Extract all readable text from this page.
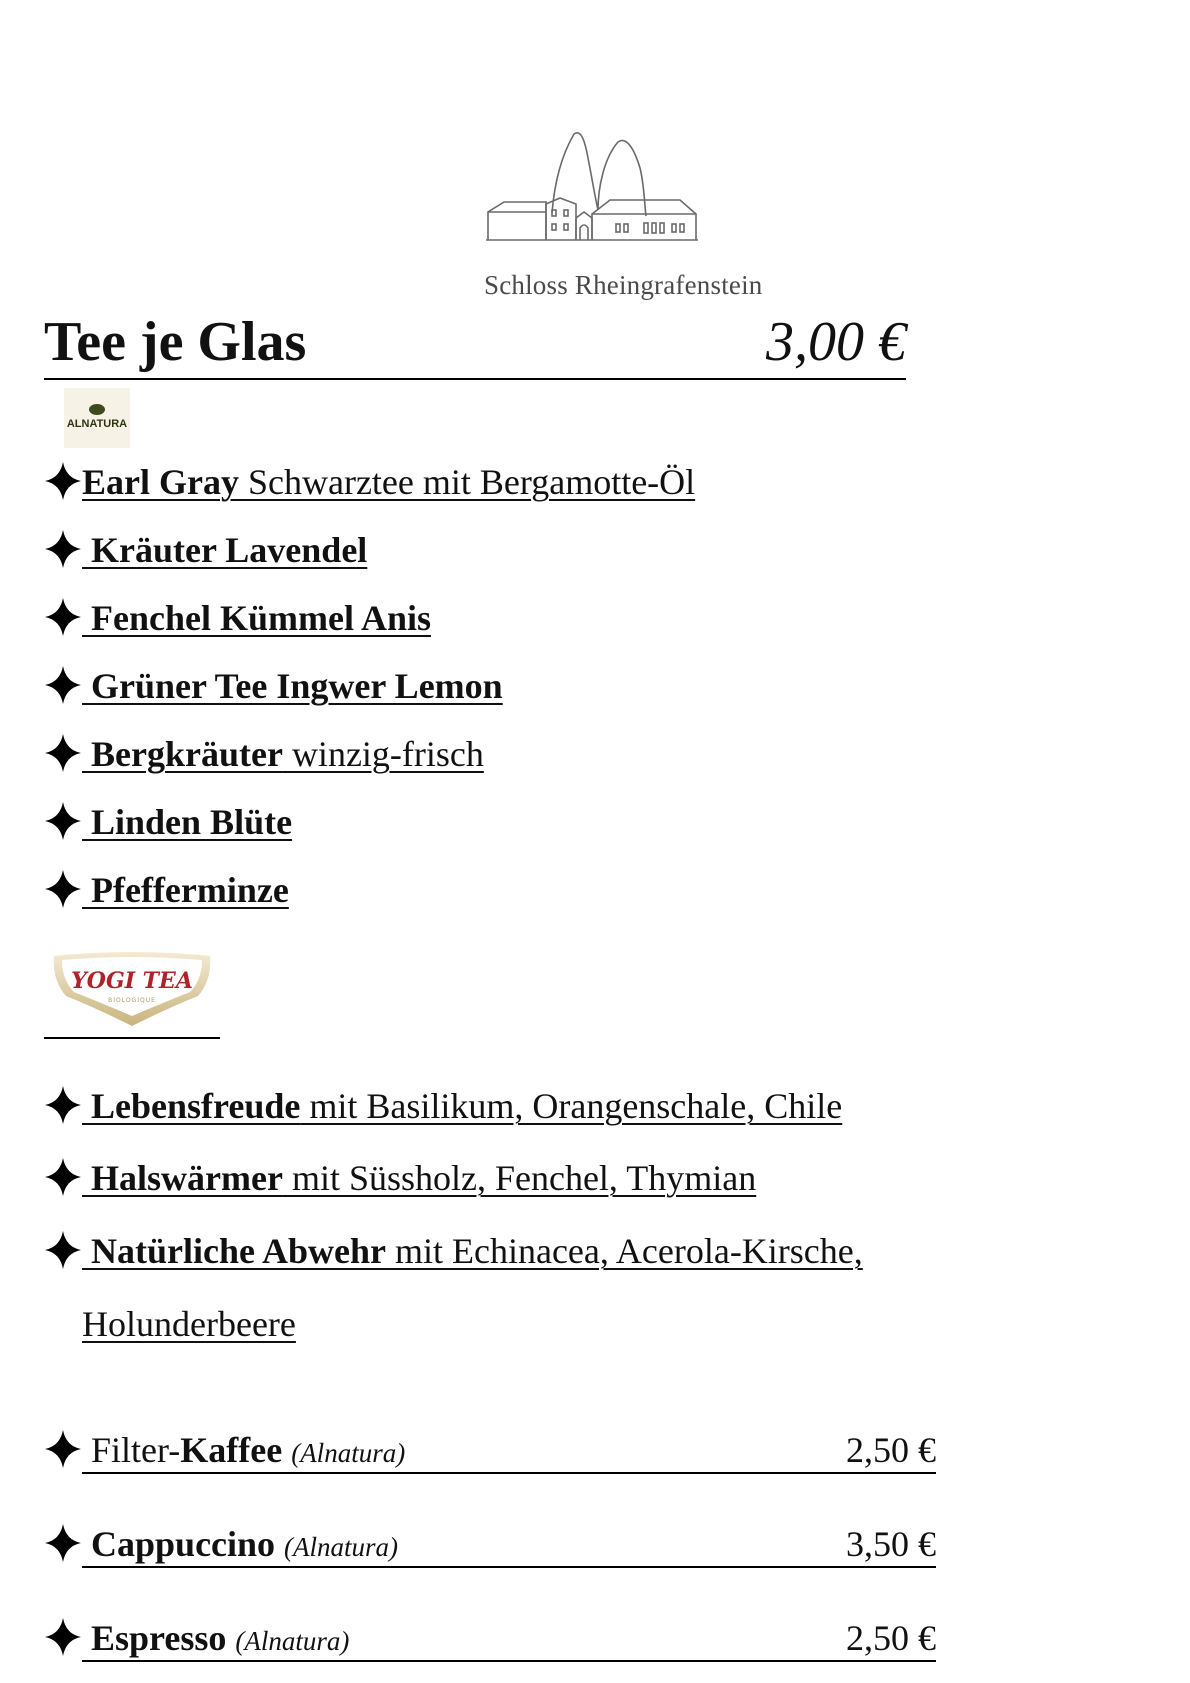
Schloss Rheingrafenstein
Tee je Glas	3,00 €
ALNATURA
Earl Gray Schwarztee mit Bergamotte-Öl
Kräuter Lavendel
Fenchel Kümmel Anis
Grüner Tee Ingwer Lemon
Bergkräuter winzig-frisch
Linden Blüte
Pfefferminze
YOGI TEA
BIOLOGIQUE
Lebensfreude mit Basilikum, Orangenschale, Chile
Halswärmer mit Süssholz, Fenchel, Thymian
Natürliche Abwehr mit Echinacea, Acerola-Kirsche,
Holunderbeere
Filter-Kaffee (Alnatura)	2,50 €
Cappuccino (Alnatura)	3,50 €
Espresso (Alnatura)	2,50 €
